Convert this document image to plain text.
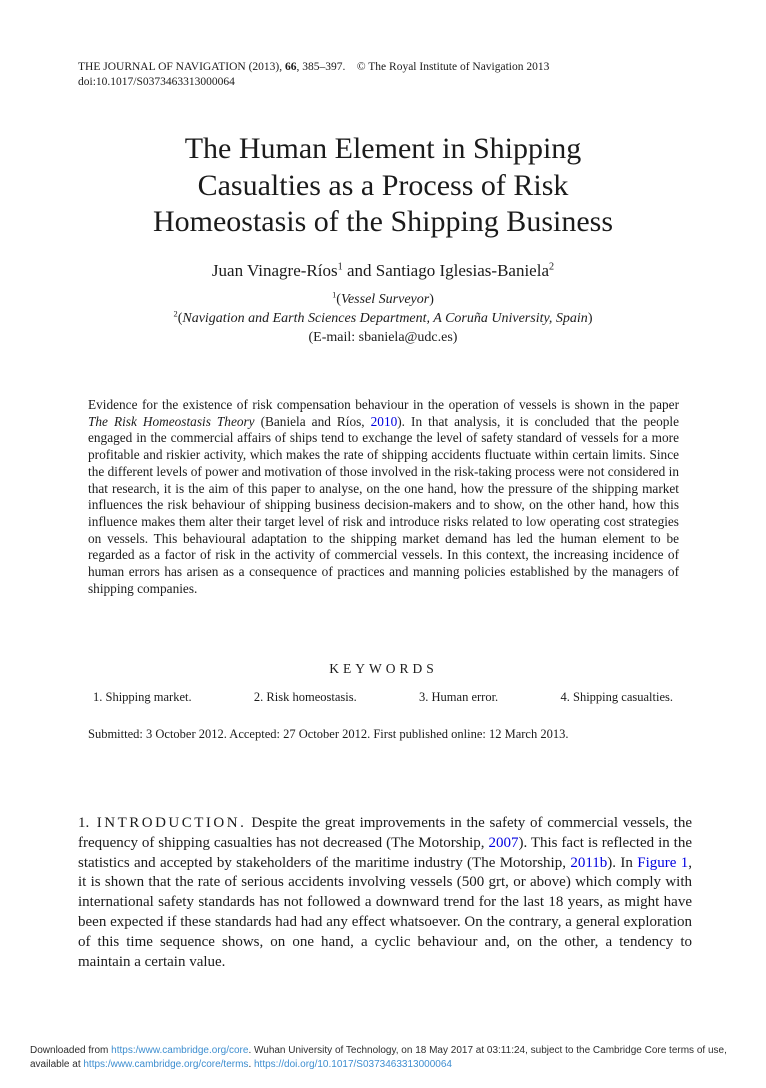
THE JOURNAL OF NAVIGATION (2013), 66, 385–397.  © The Royal Institute of Navigation 2013
doi:10.1017/S0373463313000064
The Human Element in Shipping
Casualties as a Process of Risk
Homeostasis of the Shipping Business
Juan Vinagre-Ríos$^1$ and Santiago Iglesias-Baniela$^2$
$^1$(Vessel Surveyor)
$^2$(Navigation and Earth Sciences Department, A Coruña University, Spain)
(E-mail: sbaniela@udc.es)

Evidence for the existence of risk compensation behaviour in the operation of vessels is shown in the paper The Risk Homeostasis Theory (Baniela and Ríos, 2010). In that analysis, it is concluded that the people engaged in the commercial affairs of ships tend to exchange the level of safety standard of vessels for a more profitable and riskier activity, which makes the rate of shipping accidents fluctuate within certain limits. Since the different levels of power and motivation of those involved in the risk-taking process were not considered in that research, it is the aim of this paper to analyse, on the one hand, how the pressure of the shipping market influences the risk behaviour of shipping business decision-makers and to show, on the other hand, how this influence makes them alter their target level of risk and introduce risks related to low operating cost strategies on vessels. This behavioural adaptation to the shipping market demand has led the human element to be regarded as a factor of risk in the activity of commercial vessels. In this context, the increasing incidence of human errors has arisen as a consequence of practices and manning policies established by the managers of shipping companies.

KEYWORDS
1. Shipping market.	2. Risk homeostasis.	3. Human error.	4. Shipping casualties.
Submitted: 3 October 2012. Accepted: 27 October 2012. First published online: 12 March 2013.

1. INTRODUCTION. Despite the great improvements in the safety of commercial vessels, the frequency of shipping casualties has not decreased (The Motorship, 2007). This fact is reflected in the statistics and accepted by stakeholders of the maritime industry (The Motorship, 2011b). In Figure 1, it is shown that the rate of serious accidents involving vessels (500 grt, or above) which comply with international safety standards has not followed a downward trend for the last 18 years, as might have been expected if these standards had had any effect whatsoever. On the contrary, a general exploration of this time sequence shows, on one hand, a cyclic behaviour and, on the other, a tendency to maintain a certain value.

Downloaded from https:/www.cambridge.org/core. Wuhan University of Technology, on 18 May 2017 at 03:11:24, subject to the Cambridge Core terms of use,
available at https:/www.cambridge.org/core/terms. https://doi.org/10.1017/S0373463313000064
